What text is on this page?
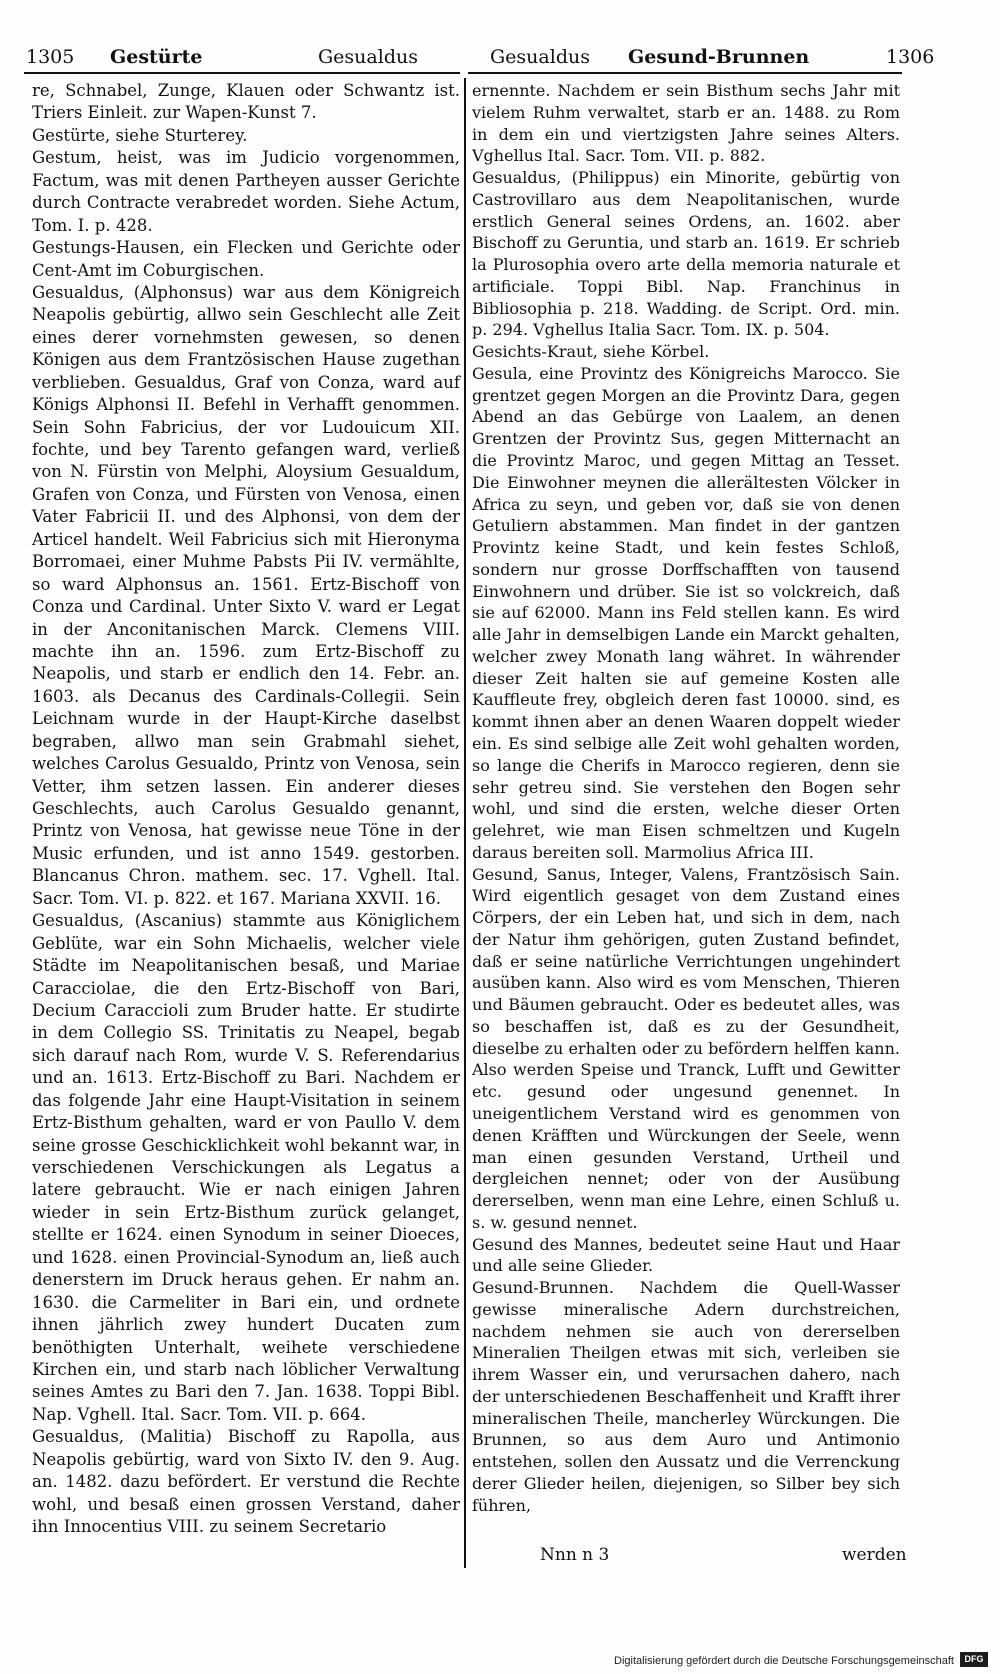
1305 Gestürte	Gesualdus	Gesualdus Gesund-Brunnen	1306

re, Schnabel, Zunge, Klauen oder Schwantz ist. Triers Einleit. zur Wapen-Kunst 7.

Gestürte, siehe Sturterey.

Gestum, heist, was im Judicio vorgenommen, Factum, was mit denen Partheyen ausser Gerichte durch Contracte verabredet worden. Siehe Actum, Tom. I. p. 428.

Gestungs-Hausen, ein Flecken und Gerichte oder Cent-Amt im Coburgischen.

Gesualdus, (Alphonsus) war aus dem Königreich Neapolis gebürtig, allwo sein Geschlecht alle Zeit eines derer vornehmsten gewesen, so denen Königen aus dem Frantzösischen Hause zugethan verblieben. Gesualdus, Graf von Conza, ward auf Königs Alphonsi II. Befehl in Verhafft genommen. Sein Sohn Fabricius, der vor Ludouicum XII. fochte, und bey Tarento gefangen ward, verließ von N. Fürstin von Melphi, Aloysium Gesualdum, Grafen von Conza, und Fürsten von Venosa, einen Vater Fabricii II. und des Alphonsi, von dem der Articel handelt. Weil Fabricius sich mit Hieronyma Borromaei, einer Muhme Pabsts Pii IV. vermählte, so ward Alphonsus an. 1561. Ertz-Bischoff von Conza und Cardinal. Unter Sixto V. ward er Legat in der Anconitanischen Marck. Clemens VIII. machte ihn an. 1596. zum Ertz-Bischoff zu Neapolis, und starb er endlich den 14. Febr. an. 1603. als Decanus des Cardinals-Collegii. Sein Leichnam wurde in der Haupt-Kirche daselbst begraben, allwo man sein Grabmahl siehet, welches Carolus Gesualdo, Printz von Venosa, sein Vetter, ihm setzen lassen. Ein anderer dieses Geschlechts, auch Carolus Gesualdo genannt, Printz von Venosa, hat gewisse neue Töne in der Music erfunden, und ist anno 1549. gestorben. Blancanus Chron. mathem. sec. 17. Vghell. Ital. Sacr. Tom. VI. p. 822. et 167. Mariana XXVII. 16.

Gesualdus, (Ascanius) stammte aus Königlichem Geblüte, war ein Sohn Michaelis, welcher viele Städte im Neapolitanischen besaß, und Mariae Caracciolae, die den Ertz-Bischoff von Bari, Decium Caraccioli zum Bruder hatte. Er studirte in dem Collegio SS. Trinitatis zu Neapel, begab sich darauf nach Rom, wurde V. S. Referendarius und an. 1613. Ertz-Bischoff zu Bari. Nachdem er das folgende Jahr eine Haupt-Visitation in seinem Ertz-Bisthum gehalten, ward er von Paullo V. dem seine grosse Geschicklichkeit wohl bekannt war, in verschiedenen Verschickungen als Legatus a latere gebraucht. Wie er nach einigen Jahren wieder in sein Ertz-Bisthum zurück gelanget, stellte er 1624. einen Synodum in seiner Dioeces, und 1628. einen Provincial-Synodum an, ließ auch denerstern im Druck heraus gehen. Er nahm an. 1630. die Carmeliter in Bari ein, und ordnete ihnen jährlich zwey hundert Ducaten zum benöthigten Unterhalt, weihete verschiedene Kirchen ein, und starb nach löblicher Verwaltung seines Amtes zu Bari den 7. Jan. 1638. Toppi Bibl. Nap. Vghell. Ital. Sacr. Tom. VII. p. 664.

Gesualdus, (Malitia) Bischoff zu Rapolla, aus Neapolis gebürtig, ward von Sixto IV. den 9. Aug. an. 1482. dazu befördert. Er verstund die Rechte wohl, und besaß einen grossen Verstand, daher ihn Innocentius VIII. zu seinem Secretario

ernennte. Nachdem er sein Bisthum sechs Jahr mit vielem Ruhm verwaltet, starb er an. 1488. zu Rom in dem ein und viertzigsten Jahre seines Alters. Vghellus Ital. Sacr. Tom. VII. p. 882.

Gesualdus, (Philippus) ein Minorite, gebürtig von Castrovillaro aus dem Neapolitanischen, wurde erstlich General seines Ordens, an. 1602. aber Bischoff zu Geruntia, und starb an. 1619. Er schrieb la Plurosophia overo arte della memoria naturale et artificiale. Toppi Bibl. Nap. Franchinus in Bibliosophia p. 218. Wadding. de Script. Ord. min. p. 294. Vghellus Italia Sacr. Tom. IX. p. 504.

Gesichts-Kraut, siehe Körbel.

Gesula, eine Provintz des Königreichs Marocco. Sie grentzet gegen Morgen an die Provintz Dara, gegen Abend an das Gebürge von Laalem, an denen Grentzen der Provintz Sus, gegen Mitternacht an die Provintz Maroc, und gegen Mittag an Tesset. Die Einwohner meynen die allerältesten Völcker in Africa zu seyn, und geben vor, daß sie von denen Getuliern abstammen. Man findet in der gantzen Provintz keine Stadt, und kein festes Schloß, sondern nur grosse Dorffschafften von tausend Einwohnern und drüber. Sie ist so volckreich, daß sie auf 62000. Mann ins Feld stellen kann. Es wird alle Jahr in demselbigen Lande ein Marckt gehalten, welcher zwey Monath lang währet. In währender dieser Zeit halten sie auf gemeine Kosten alle Kauffleute frey, obgleich deren fast 10000. sind, es kommt ihnen aber an denen Waaren doppelt wieder ein. Es sind selbige alle Zeit wohl gehalten worden, so lange die Cherifs in Marocco regieren, denn sie sehr getreu sind. Sie verstehen den Bogen sehr wohl, und sind die ersten, welche dieser Orten gelehret, wie man Eisen schmeltzen und Kugeln daraus bereiten soll. Marmolius Africa III.

Gesund, Sanus, Integer, Valens, Frantzösisch Sain. Wird eigentlich gesaget von dem Zustand eines Cörpers, der ein Leben hat, und sich in dem, nach der Natur ihm gehörigen, guten Zustand befindet, daß er seine natürliche Verrichtungen ungehindert ausüben kann. Also wird es vom Menschen, Thieren und Bäumen gebraucht. Oder es bedeutet alles, was so beschaffen ist, daß es zu der Gesundheit, dieselbe zu erhalten oder zu befördern helffen kann. Also werden Speise und Tranck, Lufft und Gewitter etc. gesund oder ungesund genennet. In uneigentlichem Verstand wird es genommen von denen Kräfften und Würckungen der Seele, wenn man einen gesunden Verstand, Urtheil und dergleichen nennet; oder von der Ausübung dererselben, wenn man eine Lehre, einen Schluß u. s. w. gesund nennet.

Gesund des Mannes, bedeutet seine Haut und Haar und alle seine Glieder.

Gesund-Brunnen. Nachdem die Quell-Wasser gewisse mineralische Adern durchstreichen, nachdem nehmen sie auch von dererselben Mineralien Theilgen etwas mit sich, verleiben sie ihrem Wasser ein, und verursachen dahero, nach der unterschiedenen Beschaffenheit und Krafft ihrer mineralischen Theile, mancherley Würckungen. Die Brunnen, so aus dem Auro und Antimonio entstehen, sollen den Aussatz und die Verrenckung derer Glieder heilen, diejenigen, so Silber bey sich führen,

Nnn n 3	werden
Digitalisierung gefördert durch die Deutsche Forschungsgemeinschaft	DFG
